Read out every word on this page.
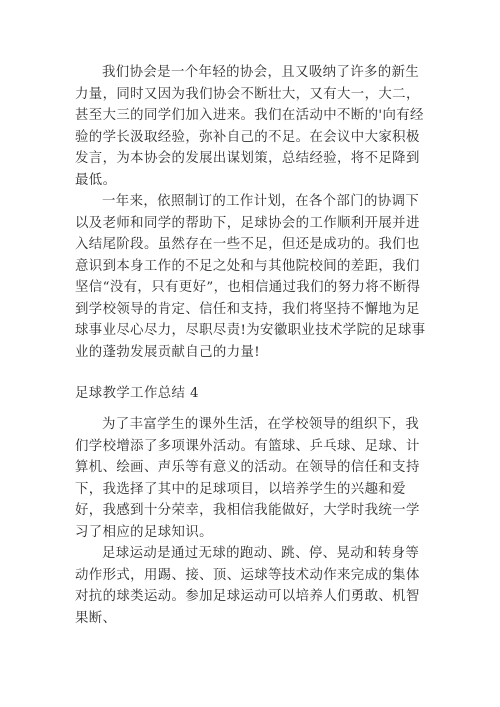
我们协会是一个年轻的协会，且又吸纳了许多的新生力量，同时又因为我们协会不断壮大，又有大一，大二，甚至大三的同学们加入进来。我们在活动中不断的'向有经验的学长汲取经验，弥补自己的不足。在会议中大家积极发言，为本协会的发展出谋划策，总结经验，将不足降到最低。

一年来，依照制订的工作计划，在各个部门的协调下以及老师和同学的帮助下，足球协会的工作顺利开展并进入结尾阶段。虽然存在一些不足，但还是成功的。我们也意识到本身工作的不足之处和与其他院校间的差距，我们坚信“没有，只有更好”，也相信通过我们的努力将不断得到学校领导的肯定、信任和支持，我们将坚持不懈地为足球事业尽心尽力，尽职尽责!为安徽职业技术学院的足球事业的蓬勃发展贡献自己的力量!

足球教学工作总结 4

为了丰富学生的课外生活，在学校领导的组织下，我们学校增添了多项课外活动。有篮球、乒乓球、足球、计算机、绘画、声乐等有意义的活动。在领导的信任和支持下，我选择了其中的足球项目，以培养学生的兴趣和爱好，我感到十分荣幸，我相信我能做好，大学时我统一学习了相应的足球知识。

足球运动是通过无球的跑动、跳、停、晃动和转身等动作形式，用踢、接、顶、运球等技术动作来完成的集体对抗的球类运动。参加足球运动可以培养人们勇敢、机智果断、
